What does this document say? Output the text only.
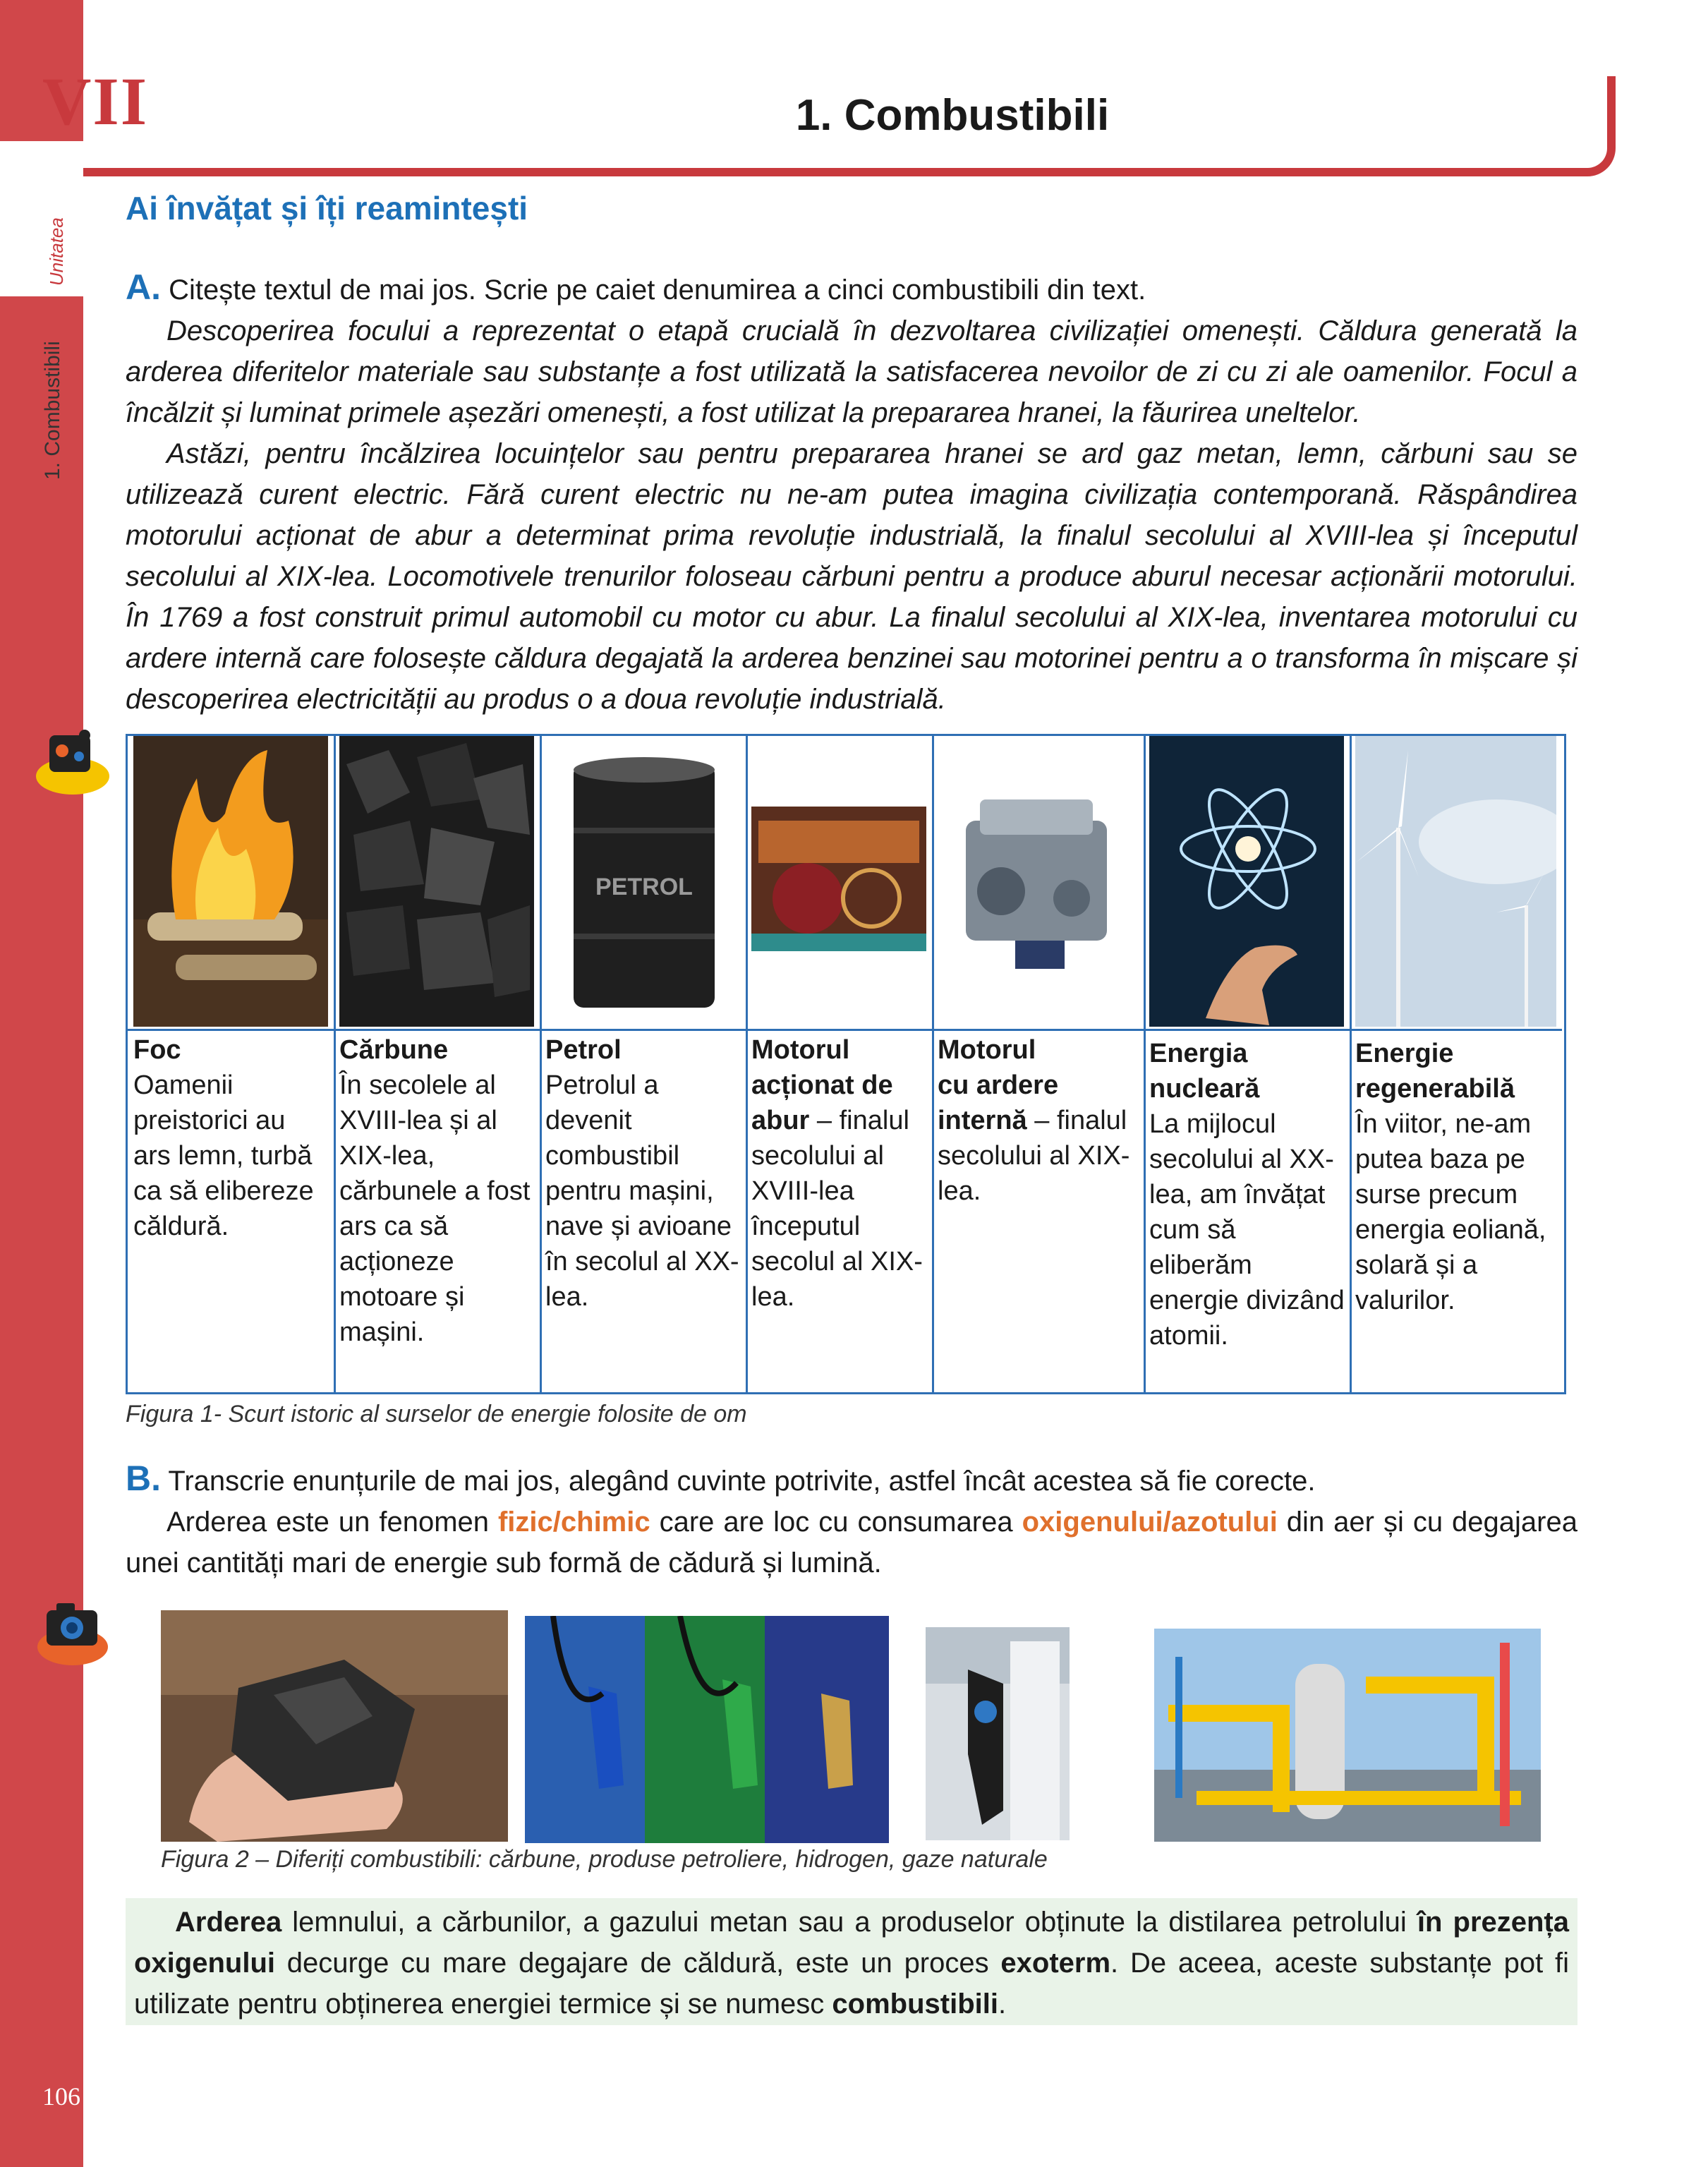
VII
Unitatea
1. Combustibili
1. Combustibili
Ai învățat și îți reamintești
A. Citește textul de mai jos. Scrie pe caiet denumirea a cinci combustibili din text.
Descoperirea focului a reprezentat o etapă crucială în dezvoltarea civilizației omenești. Căldura generată la arderea diferitelor materiale sau substanțe a fost utilizată la satisfacerea nevoilor de zi cu zi ale oamenilor. Focul a încălzit și luminat primele așezări omenești, a fost utilizat la prepararea hranei, la făurirea uneltelor.
Astăzi, pentru încălzirea locuințelor sau pentru prepararea hranei se ard gaz metan, lemn, cărbuni sau se utilizează curent electric. Fără curent electric nu ne-am putea imagina civilizația contemporană. Răspândirea motorului acționat de abur a determinat prima revoluție industrială, la finalul secolului al XVIII-lea și începutul secolului al XIX-lea. Locomotivele trenurilor foloseau cărbuni pentru a produce aburul necesar acționării motorului. În 1769 a fost construit primul automobil cu motor cu abur. La finalul secolului al XIX-lea, inventarea motorului cu ardere internă care folosește căldura degajată la arderea benzinei sau motorinei pentru a o transforma în mișcare și descoperirea electricității au produs o a doua revoluție industrială.
Foc
Oamenii preistorici au ars lemn, turbă ca să elibereze căldură.
Cărbune
În secolele al XVIII-lea și al XIX-lea, cărbunele a fost ars ca să acționeze motoare și mașini.
PETROL
Petrol
Petrolul a devenit combustibil pentru mașini, nave și avioane în secolul al XX-lea.
Motorul
acționat de
abur – finalul secolului al XVIII-lea începutul secolul al XIX-lea.
Motorul
cu ardere
internă – finalul secolului al XIX-lea.
Energia nucleară
La mijlocul secolului al XX-lea, am învățat cum să eliberăm energie divizând atomii.
Energie regenerabilă
În viitor, ne-am putea baza pe surse precum energia eoliană, solară și a valurilor.
Figura 1- Scurt istoric al surselor de energie folosite de om
B. Transcrie enunțurile de mai jos, alegând cuvinte potrivite, astfel încât acestea să fie corecte.
Arderea este un fenomen fizic/chimic care are loc cu consumarea oxigenului/azotului din aer și cu degajarea unei cantități mari de energie sub formă de cădură și lumină.
Figura 2 – Diferiți combustibili: cărbune, produse petroliere, hidrogen, gaze naturale
Arderea lemnului, a cărbunilor, a gazului metan sau a produselor obținute la distilarea petrolului în prezența oxigenului decurge cu mare degajare de căldură, este un proces exoterm. De aceea, aceste substanțe pot fi utilizate pentru obținerea energiei termice și se numesc combustibili.
106
